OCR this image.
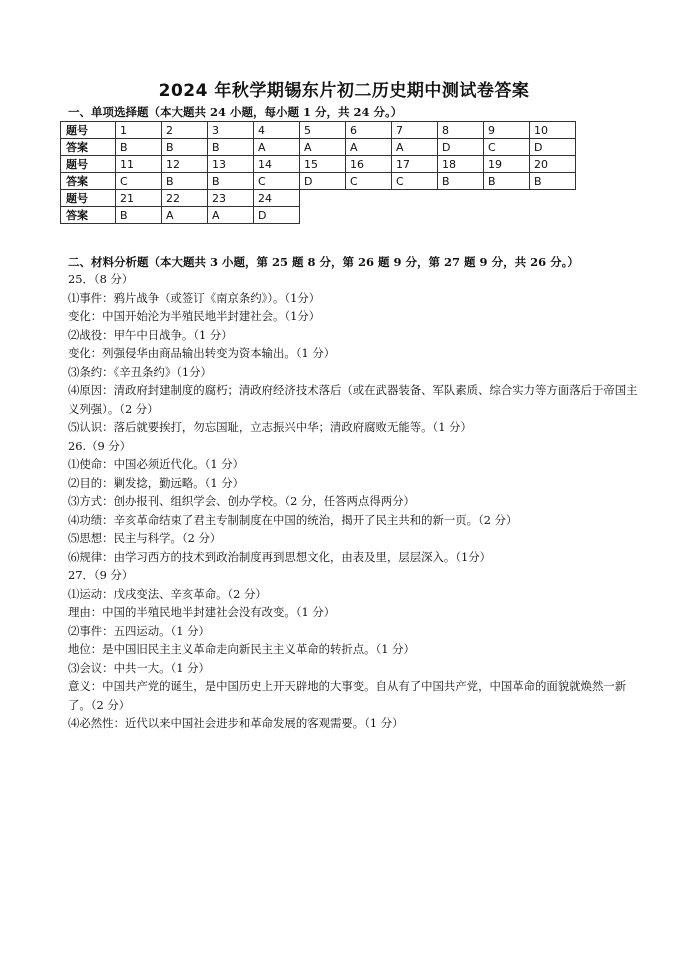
2024 年秋学期锡东片初二历史期中测试卷答案
一、单项选择题（本大题共 24 小题，每小题 1 分，共 24 分。）
题号	1	2	3	4	5	6	7	8	9	10
答案	B	B	B	A	A	A	A	D	C	D
题号	11	12	13	14	15	16	17	18	19	20
答案	C	B	B	C	D	C	C	B	B	B
题号	21	22	23	24						
答案	B	A	A	D						
二、材料分析题（本大题共 3 小题，第 25 题 8 分，第 26 题 9 分，第 27 题 9 分，共 26 分。）
25．（8 分）
⑴事件：鸦片战争（或签订《南京条约》）。（1分）
变化：中国开始沦为半殖民地半封建社会。（1分）
⑵战役：甲午中日战争。（1 分）
变化：列强侵华由商品输出转变为资本输出。（1 分）
⑶条约：《辛丑条约》（1分）
⑷原因：清政府封建制度的腐朽；清政府经济技术落后（或在武器装备、军队素质、综合实力等方面落后于帝国主义列强）。（2 分）
⑸认识：落后就要挨打，勿忘国耻，立志振兴中华；清政府腐败无能等。（1 分）
26.（9 分）
⑴使命：中国必须近代化。（1 分）
⑵目的：剿发捻，勤远略。（1 分）
⑶方式：创办报刊、组织学会、创办学校。（2 分，任答两点得两分）
⑷功绩：辛亥革命结束了君主专制制度在中国的统治，揭开了民主共和的新一页。（2 分）
⑸思想：民主与科学。（2 分）
⑹规律：由学习西方的技术到政治制度再到思想文化，由表及里，层层深入。（1分）
27．（9 分）
⑴运动：戊戌变法、辛亥革命。（2 分）
理由：中国的半殖民地半封建社会没有改变。（1 分）
⑵事件：五四运动。（1 分）
地位：是中国旧民主主义革命走向新民主主义革命的转折点。（1 分）
⑶会议：中共一大。（1 分）
意义：中国共产党的诞生，是中国历史上开天辟地的大事变。自从有了中国共产党，中国革命的面貌就焕然一新了。（2 分）
⑷必然性：近代以来中国社会进步和革命发展的客观需要。（1 分）
